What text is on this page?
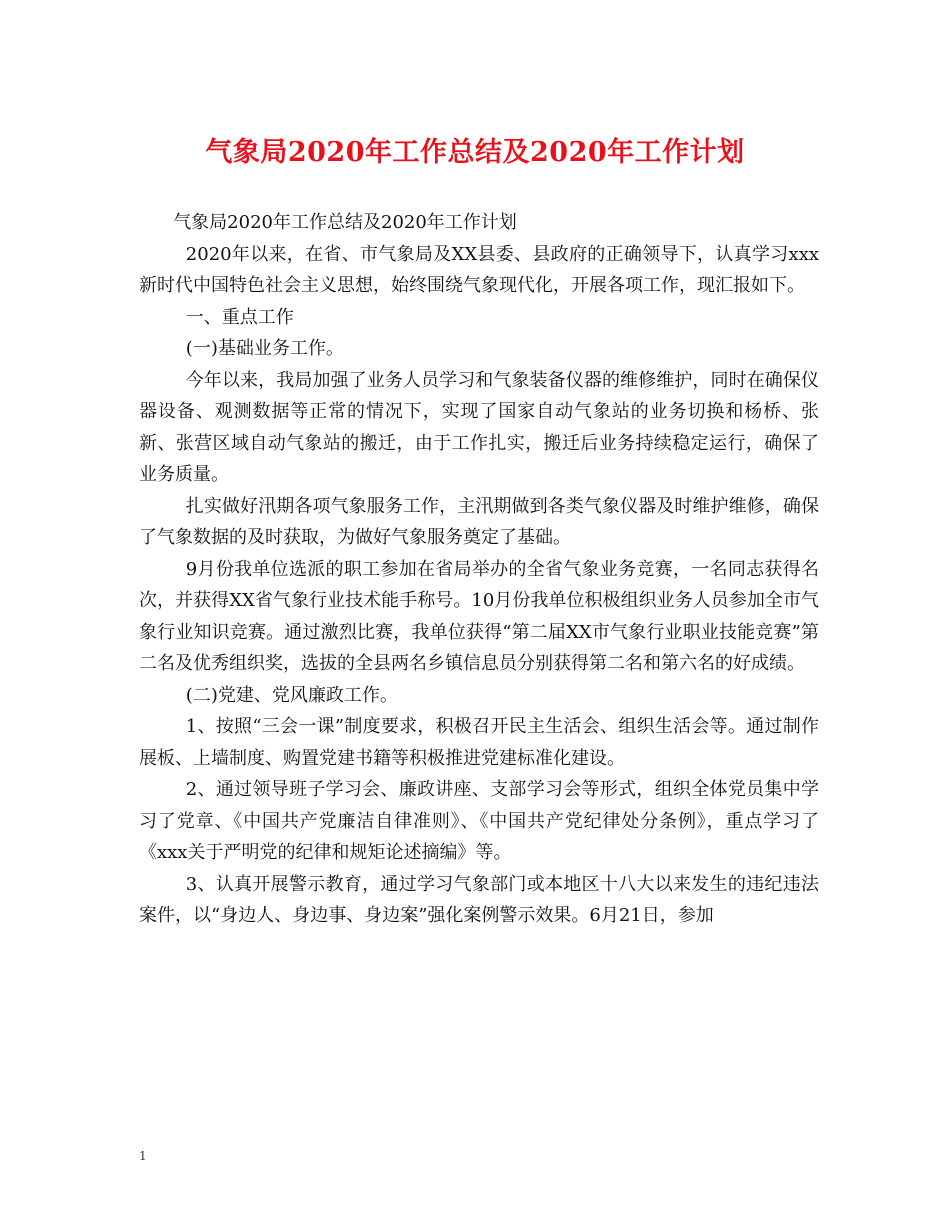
气象局2020年工作总结及2020年工作计划

气象局2020年工作总结及2020年工作计划

2020年以来，在省、市气象局及XX县委、县政府的正确领导下，认真学习xxx新时代中国特色社会主义思想，始终围绕气象现代化，开展各项工作，现汇报如下。

一、重点工作

(一)基础业务工作。

今年以来，我局加强了业务人员学习和气象装备仪器的维修维护，同时在确保仪器设备、观测数据等正常的情况下，实现了国家自动气象站的业务切换和杨桥、张新、张营区域自动气象站的搬迁，由于工作扎实，搬迁后业务持续稳定运行，确保了业务质量。

扎实做好汛期各项气象服务工作，主汛期做到各类气象仪器及时维护维修，确保了气象数据的及时获取，为做好气象服务奠定了基础。

9月份我单位选派的职工参加在省局举办的全省气象业务竞赛，一名同志获得名次，并获得XX省气象行业技术能手称号。10月份我单位积极组织业务人员参加全市气象行业知识竞赛。通过激烈比赛，我单位获得“第二届XX市气象行业职业技能竞赛”第二名及优秀组织奖，选拔的全县两名乡镇信息员分别获得第二名和第六名的好成绩。

(二)党建、党风廉政工作。

1、按照“三会一课”制度要求，积极召开民主生活会、组织生活会等。通过制作展板、上墙制度、购置党建书籍等积极推进党建标准化建设。

2、通过领导班子学习会、廉政讲座、支部学习会等形式，组织全体党员集中学习了党章、《中国共产党廉洁自律准则》、《中国共产党纪律处分条例》，重点学习了《xxx关于严明党的纪律和规矩论述摘编》等。

3、认真开展警示教育，通过学习气象部门或本地区十八大以来发生的违纪违法案件，以“身边人、身边事、身边案”强化案例警示效果。6月21日，参加

1
